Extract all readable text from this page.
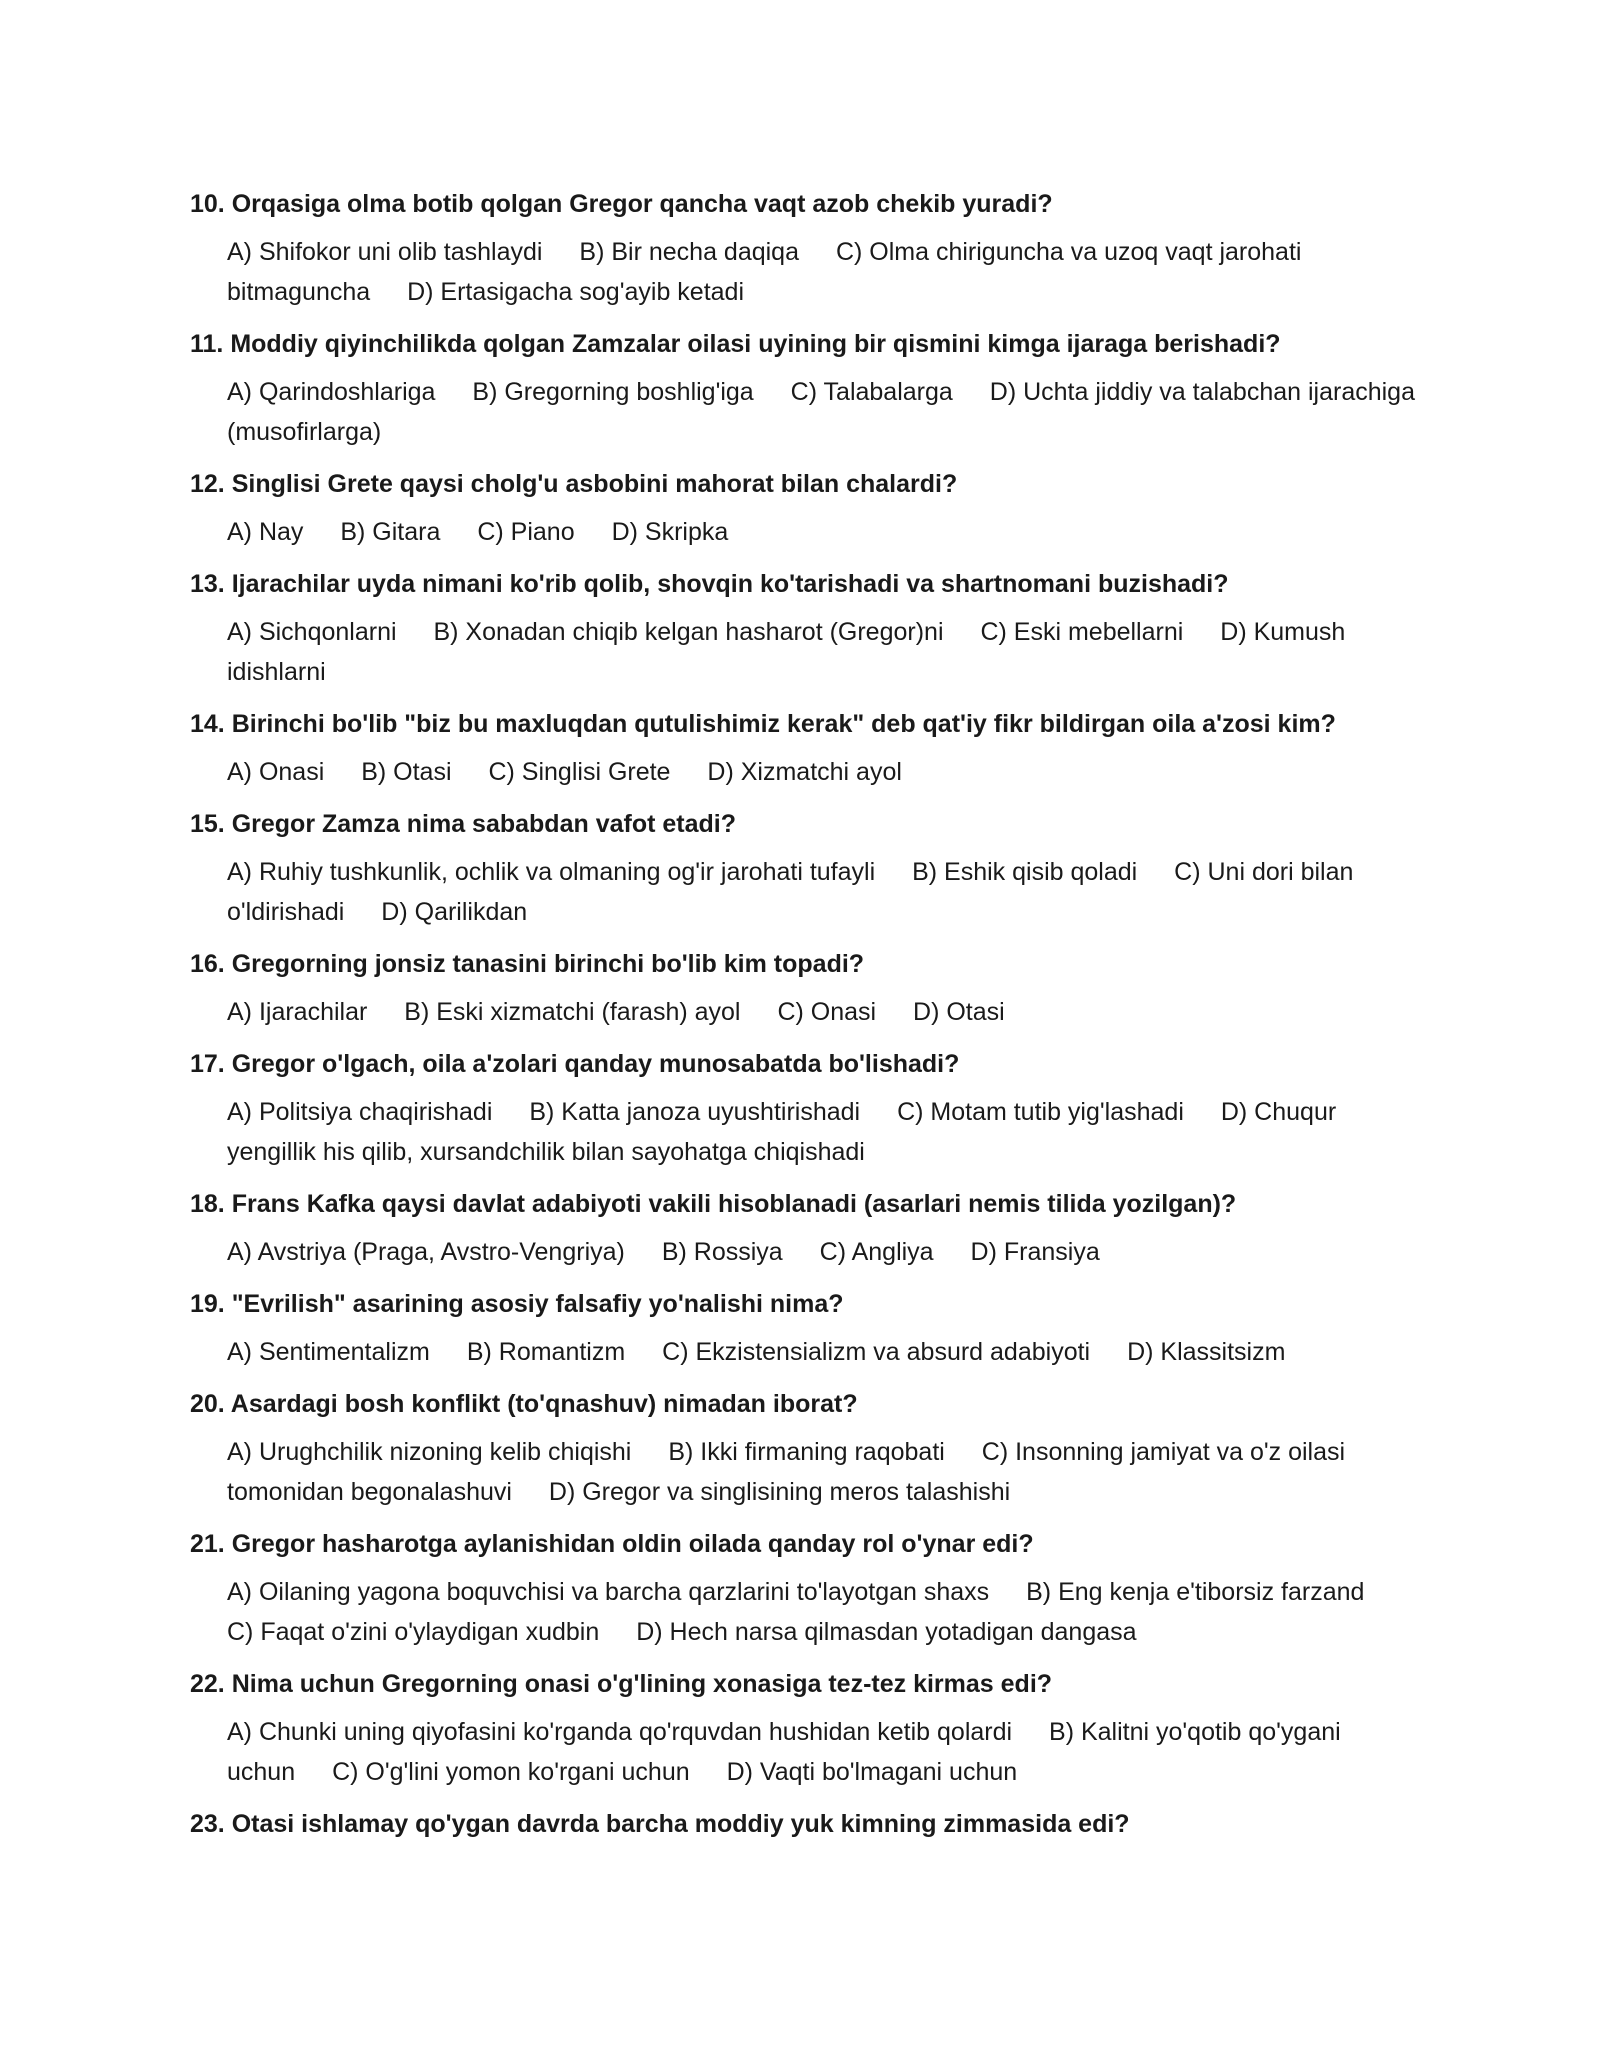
10. Orqasiga olma botib qolgan Gregor qancha vaqt azob chekib yuradi?
A) Shifokor uni olib tashlaydi B) Bir necha daqiqa C) Olma chiriguncha va uzoq vaqt jarohati bitmaguncha D) Ertasigacha sog'ayib ketadi
11. Moddiy qiyinchilikda qolgan Zamzalar oilasi uyining bir qismini kimga ijaraga berishadi?
A) Qarindoshlariga B) Gregorning boshlig'iga C) Talabalarga D) Uchta jiddiy va talabchan ijarachiga (musofirlarga)
12. Singlisi Grete qaysi cholg'u asbobini mahorat bilan chalardi?
A) Nay B) Gitara C) Piano D) Skripka
13. Ijarachilar uyda nimani ko'rib qolib, shovqin ko'tarishadi va shartnomani buzishadi?
A) Sichqonlarni B) Xonadan chiqib kelgan hasharot (Gregor)ni C) Eski mebellarni D) Kumush idishlarni
14. Birinchi bo'lib "biz bu maxluqdan qutulishimiz kerak" deb qat'iy fikr bildirgan oila a'zosi kim?
A) Onasi B) Otasi C) Singlisi Grete D) Xizmatchi ayol
15. Gregor Zamza nima sababdan vafot etadi?
A) Ruhiy tushkunlik, ochlik va olmaning og'ir jarohati tufayli B) Eshik qisib qoladi C) Uni dori bilan o'ldirishadi D) Qarilikdan
16. Gregorning jonsiz tanasini birinchi bo'lib kim topadi?
A) Ijarachilar B) Eski xizmatchi (farash) ayol C) Onasi D) Otasi
17. Gregor o'lgach, oila a'zolari qanday munosabatda bo'lishadi?
A) Politsiya chaqirishadi B) Katta janoza uyushtirishadi C) Motam tutib yig'lashadi D) Chuqur yengillik his qilib, xursandchilik bilan sayohatga chiqishadi
18. Frans Kafka qaysi davlat adabiyoti vakili hisoblanadi (asarlari nemis tilida yozilgan)?
A) Avstriya (Praga, Avstro-Vengriya) B) Rossiya C) Angliya D) Fransiya
19. "Evrilish" asarining asosiy falsafiy yo'nalishi nima?
A) Sentimentalizm B) Romantizm C) Ekzistensializm va absurd adabiyoti D) Klassitsizm
20. Asardagi bosh konflikt (to'qnashuv) nimadan iborat?
A) Urughchilik nizoning kelib chiqishi B) Ikki firmaning raqobati C) Insonning jamiyat va o'z oilasi tomonidan begonalashuvi D) Gregor va singlisining meros talashishi
21. Gregor hasharotga aylanishidan oldin oilada qanday rol o'ynar edi?
A) Oilaning yagona boquvchisi va barcha qarzlarini to'layotgan shaxs B) Eng kenja e'tiborsiz farzand C) Faqat o'zini o'ylaydigan xudbin D) Hech narsa qilmasdan yotadigan dangasa
22. Nima uchun Gregorning onasi o'g'lining xonasiga tez-tez kirmas edi?
A) Chunki uning qiyofasini ko'rganda qo'rquvdan hushidan ketib qolardi B) Kalitni yo'qotib qo'ygani uchun C) O'g'lini yomon ko'rgani uchun D) Vaqti bo'lmagani uchun
23. Otasi ishlamay qo'ygan davrda barcha moddiy yuk kimning zimmasida edi?
